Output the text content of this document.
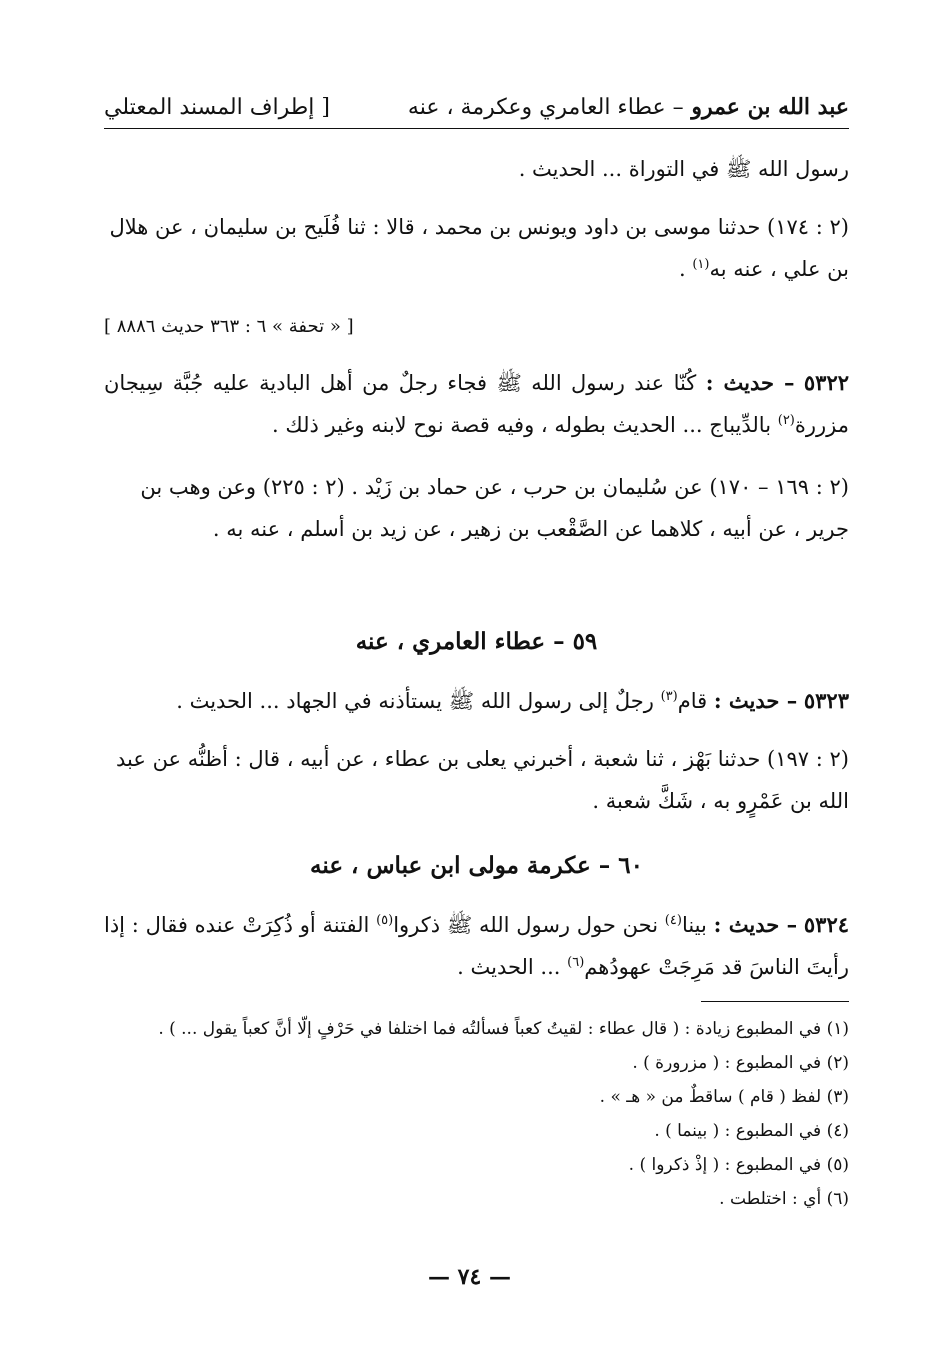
عبد الله بن عمرو – عطاء العامري وعكرمة ، عنه
[ إطراف المسند المعتلي

رسول الله ﷺ في التوراة ... الحديث .

(٢ : ١٧٤) حدثنا موسى بن داود ويونس بن محمد ، قالا : ثنا فُلَيح بن سليمان ، عن هلال بن علي ، عنه به$^{(١)}$ .

[ « تحفة » ٦ : ٣٦٣ حديث ٨٨٨٦ ]

٥٣٢٢ – حديث : كُنّا عند رسول الله ﷺ فجاء رجلٌ من أهل البادية عليه جُبَّة سِيجان مزررة$^{(٢)}$ بالدِّيباج ... الحديث بطوله ، وفيه قصة نوح لابنه وغير ذلك .

(٢ : ١٦٩ – ١٧٠) عن سُليمان بن حرب ، عن حماد بن زَيْد . (٢ : ٢٢٥) وعن وهب بن جرير ، عن أبيه ، كلاهما عن الصَّقْعب بن زهير ، عن زيد بن أسلم ، عنه به .

٥٩ – عطاء العامري ، عنه

٥٣٢٣ – حديث : قام$^{(٣)}$ رجلٌ إلى رسول الله ﷺ يستأذنه في الجهاد ... الحديث .

(٢ : ١٩٧) حدثنا بَهْز ، ثنا شعبة ، أخبرني يعلى بن عطاء ، عن أبيه ، قال : أظنُّه عن عبد الله بن عَمْرٍو به ، شَكَّ شعبة .

٦٠ – عكرمة مولى ابن عباس ، عنه

٥٣٢٤ – حديث : بينا$^{(٤)}$ نحن حول رسول الله ﷺ ذكروا$^{(٥)}$ الفتنة أو ذُكِرَتْ عنده فقال : إذا رأيتَ الناسَ قد مَرِجَتْ عهودُهم$^{(٦)}$ ... الحديث .

(١) في المطبوع زيادة : ( قال عطاء : لقيتُ كعباً فسألتُه فما اختلفا في حَرْفٍ إلّا أنَّ كعباً يقول ... ) .
(٢) في المطبوع : ( مزرورة ) .
(٣) لفظ ( قام ) ساقطٌ من « هـ » .
(٤) في المطبوع : ( بينما ) .
(٥) في المطبوع : ( إذْ ذكروا ) .
(٦) أي : اختلطت .
— ٧٤ —
